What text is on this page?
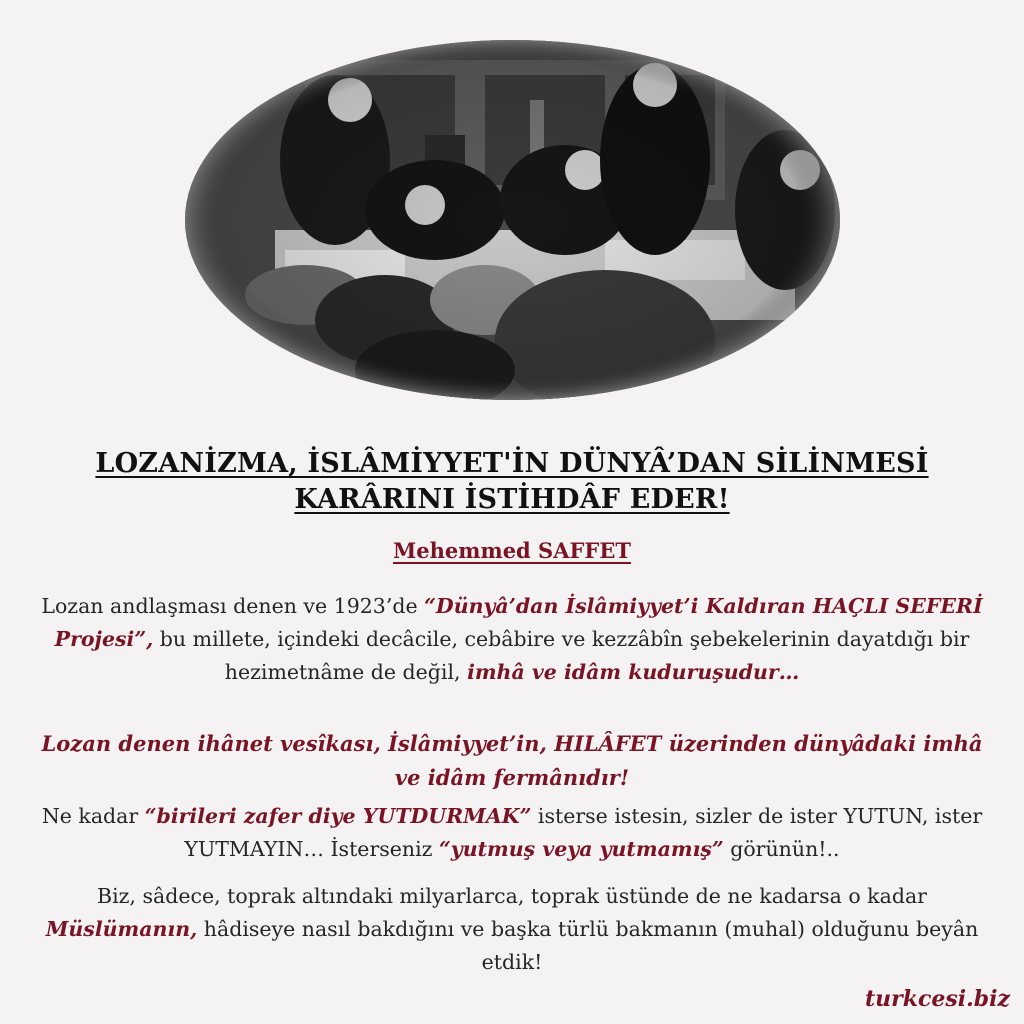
LOZANİZMA, İSLÂMİYYET'İN DÜNYÂ’DAN SİLİNMESİ
KARÂRINI İSTİHDÂF EDER!
Mehemmed SAFFET
Lozan andlaşması denen ve 1923’de “Dünyâ’dan İslâmiyyet’i Kaldıran HAÇLI SEFERİ Projesi”, bu millete, içindeki decâcile, cebâbire ve kezzâbîn şebekelerinin dayatdığı bir hezimetnâme de değil, imhâ ve idâm kuduruşudur…
Lozan denen ihânet vesîkası, İslâmiyyet’in, HILÂFET üzerinden dünyâdaki imhâ ve idâm fermânıdır!
Ne kadar “birileri zafer diye YUTDURMAK” isterse istesin, sizler de ister YUTUN, ister YUTMAYIN… İsterseniz “yutmuş veya yutmamış” görünün!..
Biz, sâdece, toprak altındaki milyarlarca, toprak üstünde de ne kadarsa o kadar Müslümanın, hâdiseye nasıl bakdığını ve başka türlü bakmanın (muhal) olduğunu beyân etdik!
turkcesi.biz
